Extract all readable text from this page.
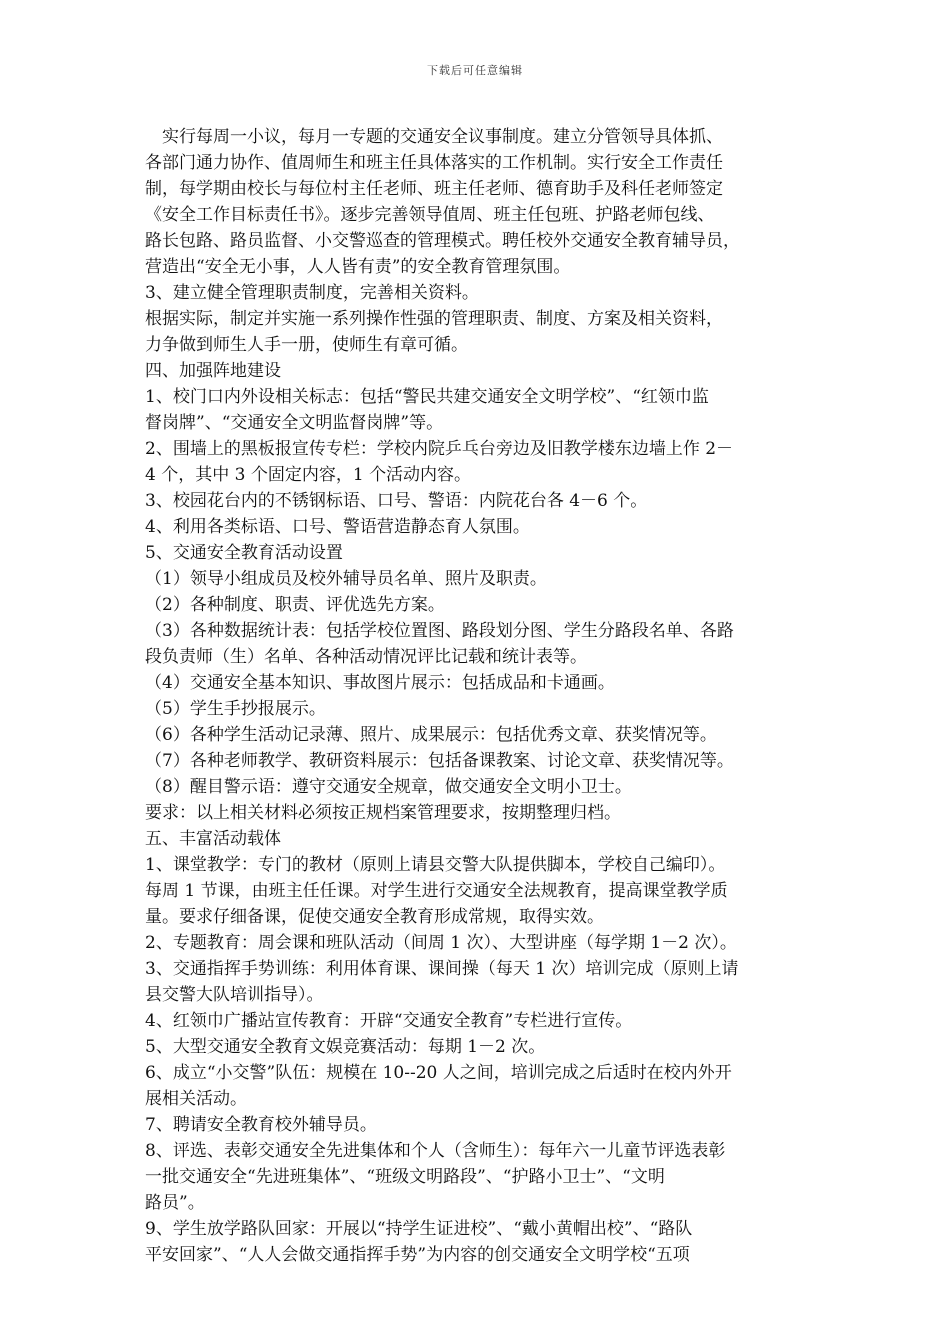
下载后可任意编辑
　实行每周一小议，每月一专题的交通安全议事制度。建立分管领导具体抓、
各部门通力协作、值周师生和班主任具体落实的工作机制。实行安全工作责任
制，每学期由校长与每位村主任老师、班主任老师、德育助手及科任老师签定
《安全工作目标责任书》。逐步完善领导值周、班主任包班、护路老师包线、
路长包路、路员监督、小交警巡查的管理模式。聘任校外交通安全教育辅导员，
营造出“安全无小事，人人皆有责”的安全教育管理氛围。
3、建立健全管理职责制度，完善相关资料。
根据实际，制定并实施一系列操作性强的管理职责、制度、方案及相关资料，
力争做到师生人手一册，使师生有章可循。
四、加强阵地建设
1、校门口内外设相关标志：包括“警民共建交通安全文明学校”、“红领巾监
督岗牌”、“交通安全文明监督岗牌”等。
2、围墙上的黑板报宣传专栏：学校内院乒乓台旁边及旧教学楼东边墙上作 2－
4 个，其中 3 个固定内容，1 个活动内容。
3、校园花台内的不锈钢标语、口号、警语：内院花台各 4－6 个。
4、利用各类标语、口号、警语营造静态育人氛围。
5、交通安全教育活动设置
（1）领导小组成员及校外辅导员名单、照片及职责。
（2）各种制度、职责、评优选先方案。
（3）各种数据统计表：包括学校位置图、路段划分图、学生分路段名单、各路
段负责师（生）名单、各种活动情况评比记载和统计表等。
（4）交通安全基本知识、事故图片展示：包括成品和卡通画。
（5）学生手抄报展示。
（6）各种学生活动记录薄、照片、成果展示：包括优秀文章、获奖情况等。
（7）各种老师教学、教研资料展示：包括备课教案、讨论文章、获奖情况等。
（8）醒目警示语：遵守交通安全规章，做交通安全文明小卫士。
要求：以上相关材料必须按正规档案管理要求，按期整理归档。
五、丰富活动载体
1、课堂教学：专门的教材（原则上请县交警大队提供脚本，学校自己编印）。
每周 1 节课，由班主任任课。对学生进行交通安全法规教育，提高课堂教学质
量。要求仔细备课，促使交通安全教育形成常规，取得实效。
2、专题教育：周会课和班队活动（间周 1 次）、大型讲座（每学期 1－2 次）。
3、交通指挥手势训练：利用体育课、课间操（每天 1 次）培训完成（原则上请
县交警大队培训指导）。
4、红领巾广播站宣传教育：开辟“交通安全教育”专栏进行宣传。
5、大型交通安全教育文娱竞赛活动：每期 1－2 次。
6、成立“小交警”队伍：规模在 10--20 人之间，培训完成之后适时在校内外开
展相关活动。
7、聘请安全教育校外辅导员。
8、评选、表彰交通安全先进集体和个人（含师生）：每年六一儿童节评选表彰
一批交通安全“先进班集体”、“班级文明路段”、“护路小卫士”、“文明
路员”。
9、学生放学路队回家：开展以“持学生证进校”、“戴小黄帽出校”、“路队
平安回家”、“人人会做交通指挥手势”为内容的创交通安全文明学校“五项
